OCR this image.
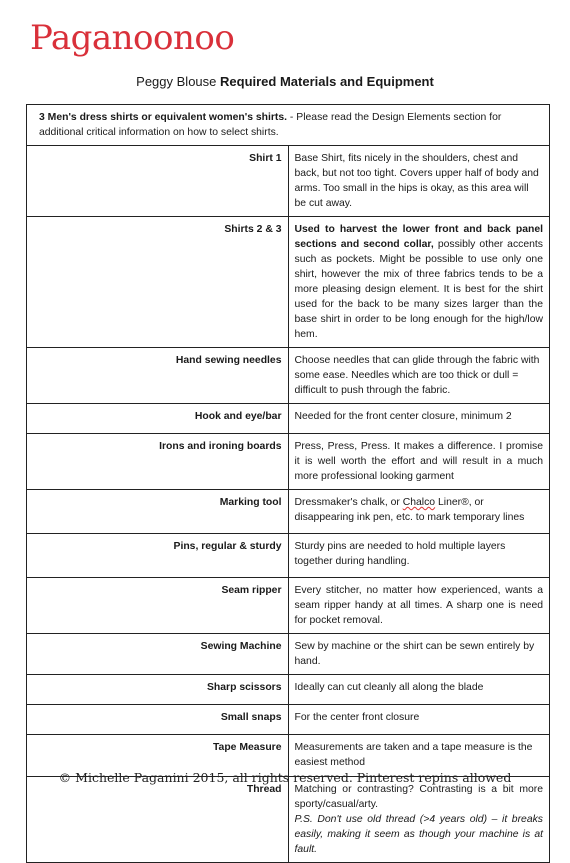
Paganoonoo
Peggy Blouse Required Materials and Equipment
3 Men's dress shirts or equivalent women's shirts. - Please read the Design Elements section for additional critical information on how to select shirts.	
Shirt 1	Base Shirt, fits nicely in the shoulders, chest and back, but not too tight. Covers upper half of body and arms. Too small in the hips is okay, as this area will be cut away.
Shirts 2 & 3	Used to harvest the lower front and back panel sections and second collar, possibly other accents such as pockets. Might be possible to use only one shirt, however the mix of three fabrics tends to be a more pleasing design element. It is best for the shirt used for the back to be many sizes larger than the base shirt in order to be long enough for the high/low hem.
Hand sewing needles	Choose needles that can glide through the fabric with some ease. Needles which are too thick or dull = difficult to push through the fabric.
Hook and eye/bar	Needed for the front center closure, minimum 2
Irons and ironing boards	Press, Press, Press. It makes a difference. I promise it is well worth the effort and will result in a much more professional looking garment
Marking tool	Dressmaker's chalk, or Chalco Liner®, or disappearing ink pen, etc. to mark temporary lines
Pins, regular & sturdy	Sturdy pins are needed to hold multiple layers together during handling.
Seam ripper	Every stitcher, no matter how experienced, wants a seam ripper handy at all times. A sharp one is need for pocket removal.
Sewing Machine	Sew by machine or the shirt can be sewn entirely by hand.
Sharp scissors	Ideally can cut cleanly all along the blade
Small snaps	For the center front closure
Tape Measure	Measurements are taken and a tape measure is the easiest method
Thread	Matching or contrasting? Contrasting is a bit more sporty/casual/arty.
P.S. Don't use old thread (>4 years old) – it breaks easily, making it seem as though your machine is at fault.
© Michelle Paganini 2015, all rights reserved. Pinterest repins allowed
